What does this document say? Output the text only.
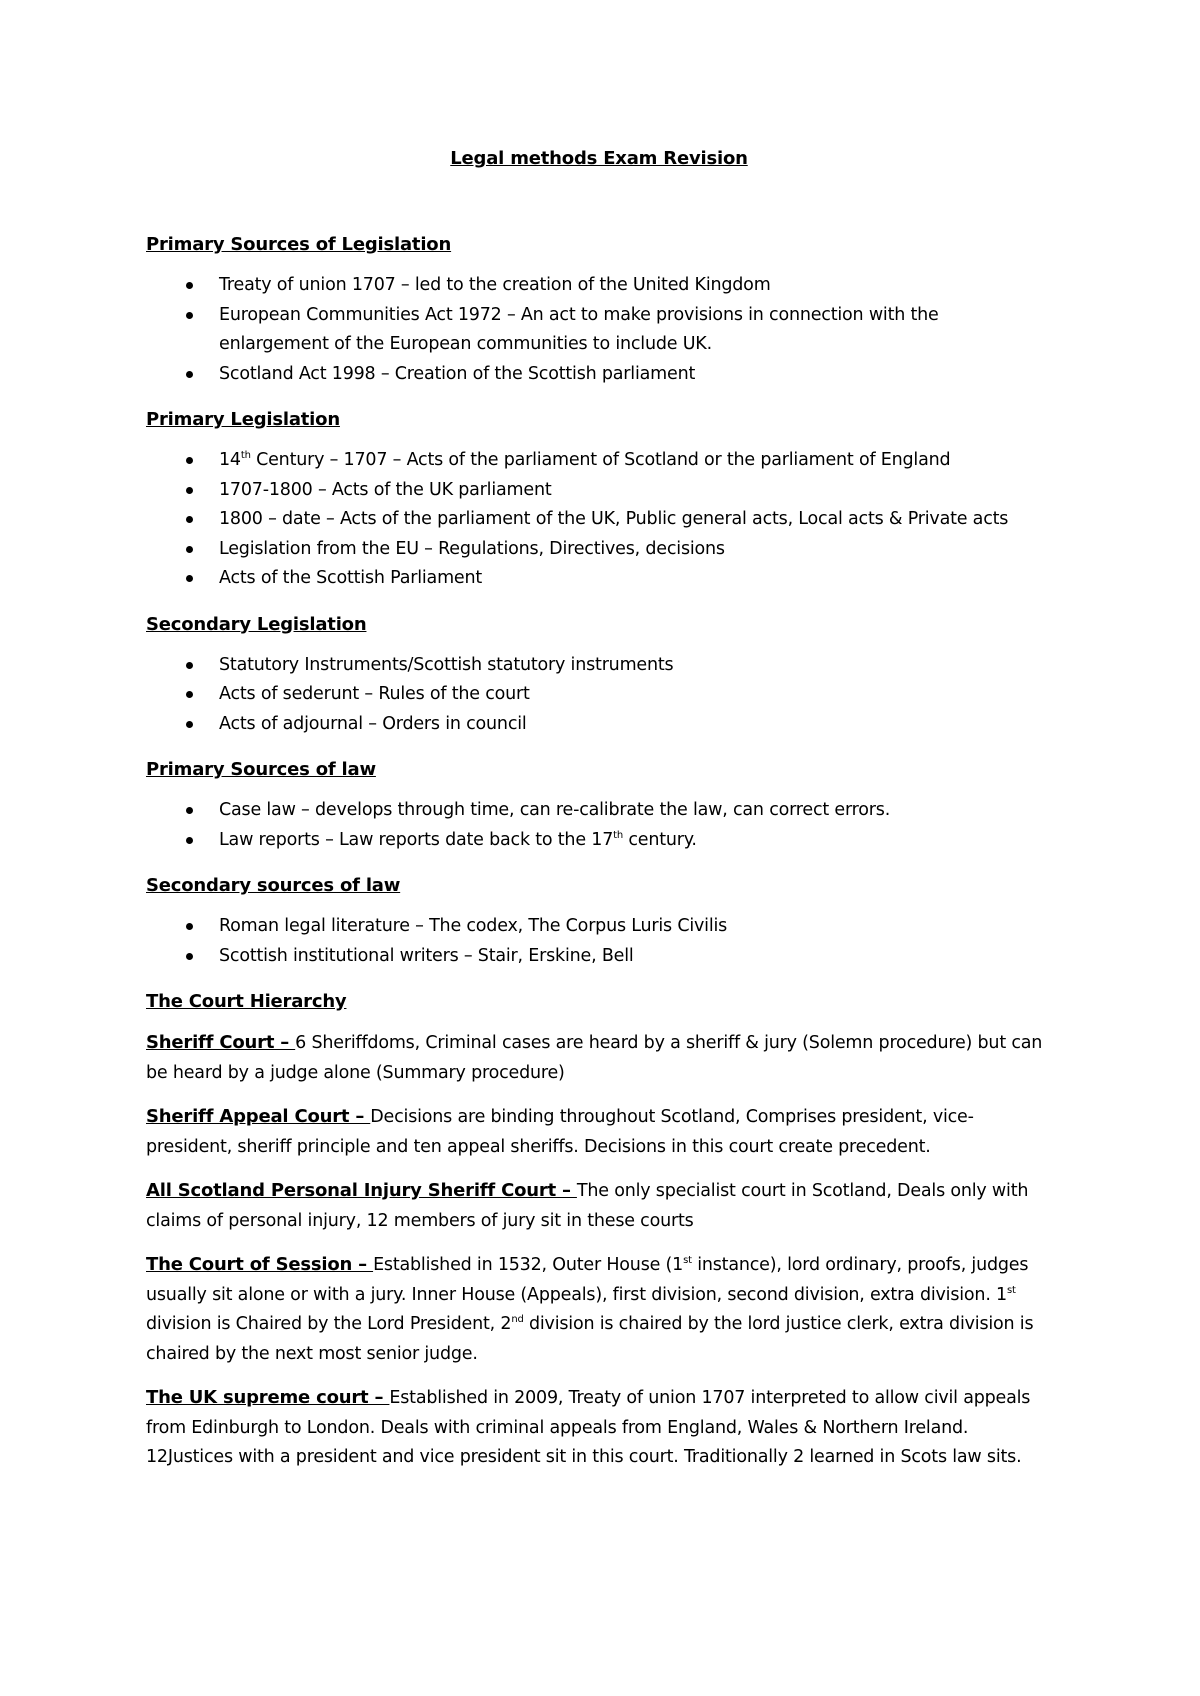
Legal methods Exam Revision
Primary Sources of Legislation
Treaty of union 1707 – led to the creation of the United Kingdom
European Communities Act 1972 – An act to make provisions in connection with the enlargement of the European communities to include UK.
Scotland Act 1998 – Creation of the Scottish parliament
Primary Legislation
14th Century – 1707 – Acts of the parliament of Scotland or the parliament of England
1707-1800 – Acts of the UK parliament
1800 – date – Acts of the parliament of the UK, Public general acts, Local acts & Private acts
Legislation from the EU – Regulations, Directives, decisions
Acts of the Scottish Parliament
Secondary Legislation
Statutory Instruments/Scottish statutory instruments
Acts of sederunt – Rules of the court
Acts of adjournal – Orders in council
Primary Sources of law
Case law – develops through time, can re-calibrate the law, can correct errors.
Law reports – Law reports date back to the 17th century.
Secondary sources of law
Roman legal literature – The codex, The Corpus Luris Civilis
Scottish institutional writers – Stair, Erskine, Bell
The Court Hierarchy

Sheriff Court – 6 Sheriffdoms, Criminal cases are heard by a sheriff & jury (Solemn procedure) but can be heard by a judge alone (Summary procedure)

Sheriff Appeal Court – Decisions are binding throughout Scotland, Comprises president, vice-president, sheriff principle and ten appeal sheriffs. Decisions in this court create precedent.

All Scotland Personal Injury Sheriff Court – The only specialist court in Scotland, Deals only with claims of personal injury, 12 members of jury sit in these courts

The Court of Session – Established in 1532, Outer House (1st instance), lord ordinary, proofs, judges usually sit alone or with a jury. Inner House (Appeals), first division, second division, extra division. 1st division is Chaired by the Lord President, 2nd division is chaired by the lord justice clerk, extra division is chaired by the next most senior judge.

The UK supreme court – Established in 2009, Treaty of union 1707 interpreted to allow civil appeals from Edinburgh to London. Deals with criminal appeals from England, Wales & Northern Ireland. 12Justices with a president and vice president sit in this court. Traditionally 2 learned in Scots law sits.
